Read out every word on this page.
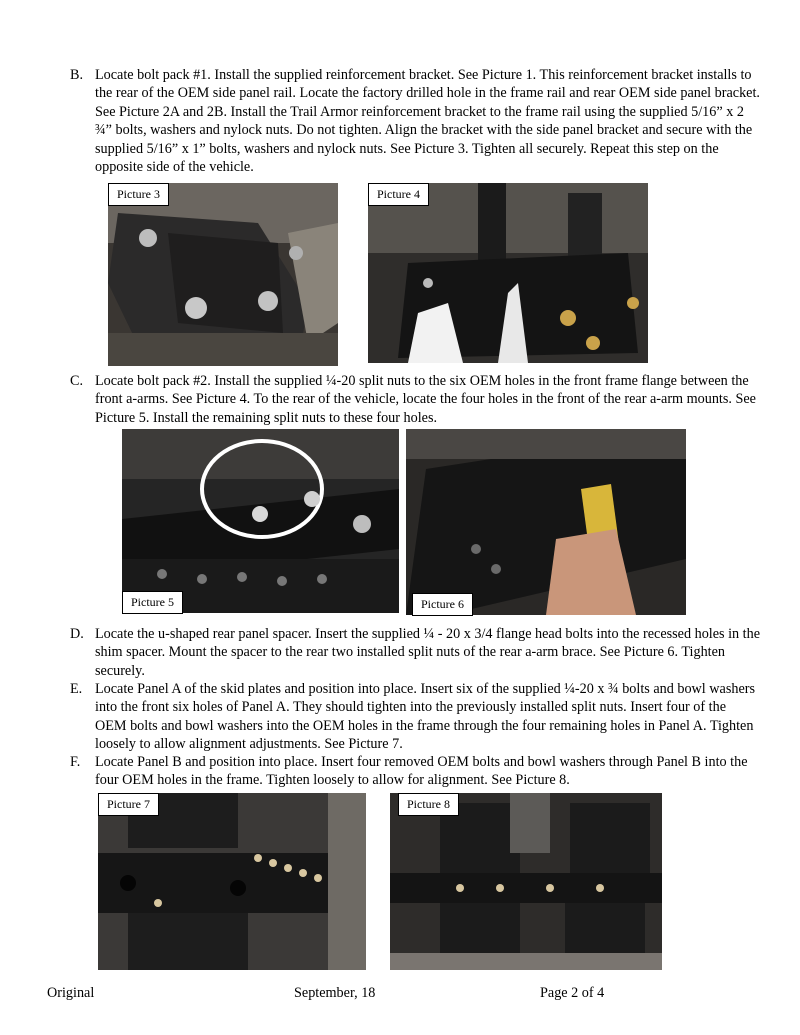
B. Locate bolt pack #1. Install the supplied reinforcement bracket. See Picture 1. This reinforcement bracket installs to the rear of the OEM side panel rail. Locate the factory drilled hole in the frame rail and rear OEM side panel bracket. See Picture 2A and 2B. Install the Trail Armor reinforcement bracket to the frame rail using the supplied 5/16” x 2 ¾” bolts, washers and nylock nuts. Do not tighten. Align the bracket with the side panel bracket and secure with the supplied 5/16” x 1” bolts, washers and nylock nuts. See Picture 3. Tighten all securely. Repeat this step on the opposite side of the vehicle.
Picture 3	Picture 4
C. Locate bolt pack #2. Install the supplied ¼-20 split nuts to the six OEM holes in the front frame flange between the front a-arms. See Picture 4. To the rear of the vehicle, locate the four holes in the front of the rear a-arm mounts. See Picture 5. Install the remaining split nuts to these four holes.
Picture 5	Picture 6
D. Locate the u-shaped rear panel spacer. Insert the supplied ¼ - 20 x 3/4 flange head bolts into the recessed holes in the shim spacer. Mount the spacer to the rear two installed split nuts of the rear a-arm brace. See Picture 6. Tighten securely.
E. Locate Panel A of the skid plates and position into place. Insert six of the supplied ¼-20 x ¾ bolts and bowl washers into the front six holes of Panel A. They should tighten into the previously installed split nuts. Insert four of the OEM bolts and bowl washers into the OEM holes in the frame through the four remaining holes in Panel A. Tighten loosely to allow alignment adjustments. See Picture 7.
F. Locate Panel B and position into place. Insert four removed OEM bolts and bowl washers through Panel B into the four OEM holes in the frame. Tighten loosely to allow for alignment. See Picture 8.
Picture 7	Picture 8
Original	September, 18	Page 2 of 4
